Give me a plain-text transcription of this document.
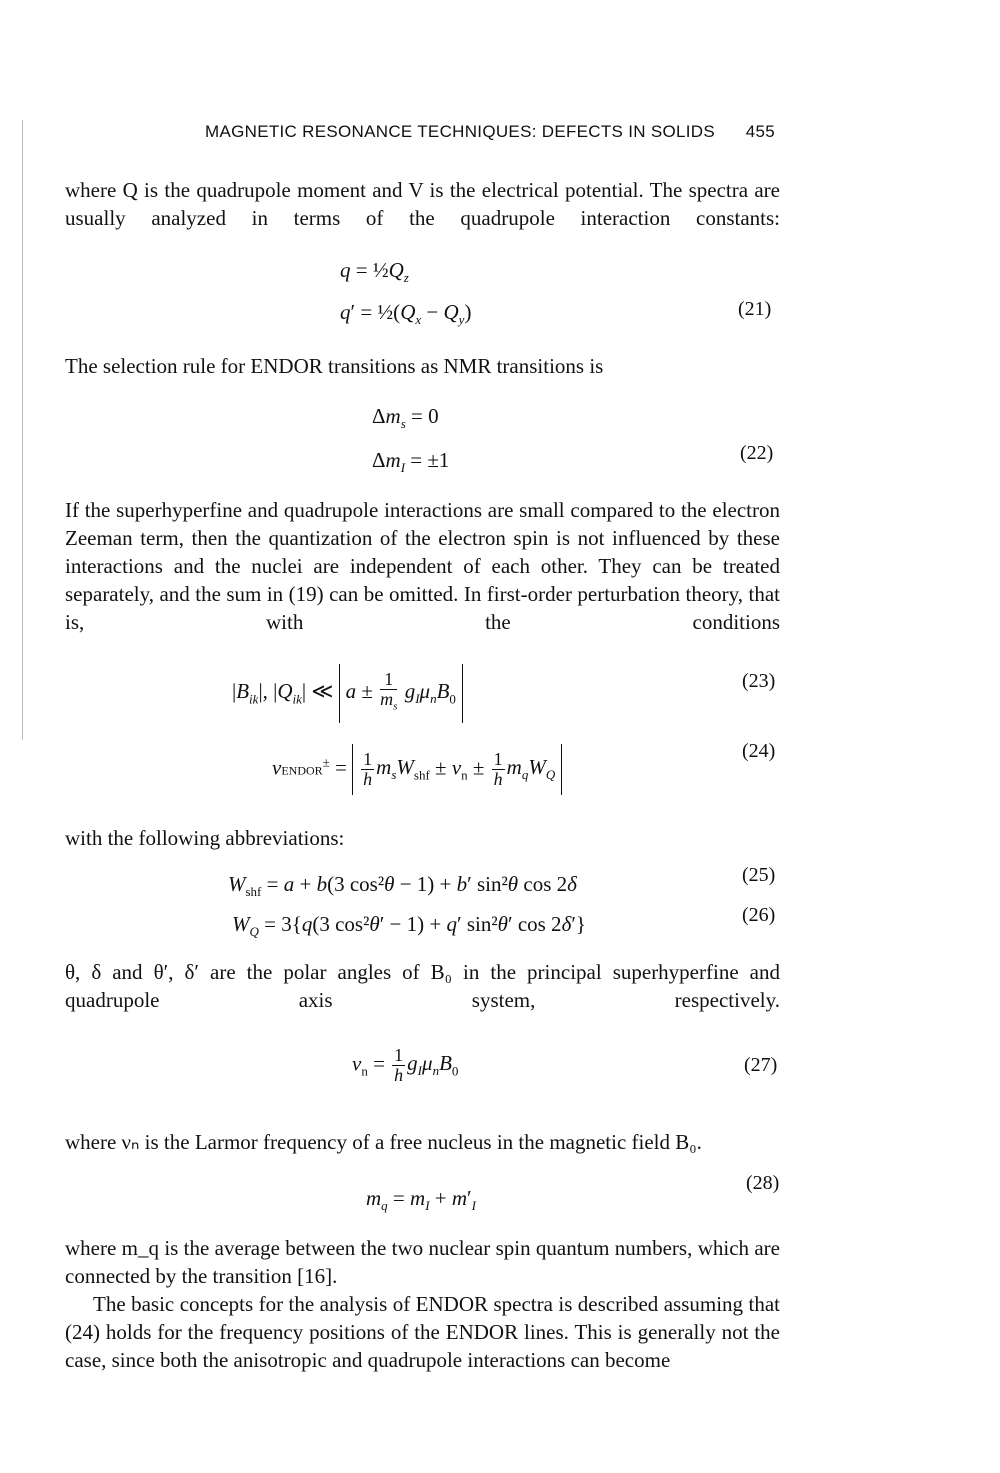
MAGNETIC RESONANCE TECHNIQUES: DEFECTS IN SOLIDS 455
where Q is the quadrupole moment and V is the electrical potential. The spectra are usually analyzed in terms of the quadrupole interaction constants:
$q = \frac{1}{2}Q_z$
$q' = \frac{1}{2}(Q_x - Q_y)$	(21)
The selection rule for ENDOR transitions as NMR transitions is
$\Delta m_s = 0$
$\Delta m_I = \pm 1$	(22)
If the superhyperfine and quadrupole interactions are small compared to the electron Zeeman term, then the quantization of the electron spin is not influenced by these interactions and the nuclei are independent of each other. They can be treated separately, and the sum in (19) can be omitted. In first-order perturbation theory, that is, with the conditions
$|B_{ik}|$, $|Q_{ik}|$ ≪ $a \pm \frac{1}{m_s} g_I\mu_nB_0$
(23)
νENDOR± = $\frac{1}{h} m_sW_{shf} \pm \nu_n \pm \frac{1}{h} m_qW_Q$
(24)
with the following abbreviations:
$W_{shf} = a + b(3$ cos²θ − 1) + b′ sin²θ cos 2δ	(25)
$W_Q = 3\{q(3$ cos²θ′ − 1) + q′ sin²θ′ cos 2δ′}	(26)
θ, δ and θ′, δ′ are the polar angles of B₀ in the principal superhyperfine and quadrupole axis system, respectively.
$\nu_n = \frac{1}{h} g_I\mu_nB_0$	(27)
where νₙ is the Larmor frequency of a free nucleus in the magnetic field B₀.
$m_q = m_I + m'_I$
(28)
where m_q is the average between the two nuclear spin quantum numbers, which are connected by the transition [16].
The basic concepts for the analysis of ENDOR spectra is described assuming that (24) holds for the frequency positions of the ENDOR lines. This is generally not the case, since both the anisotropic and quadrupole interactions can become
